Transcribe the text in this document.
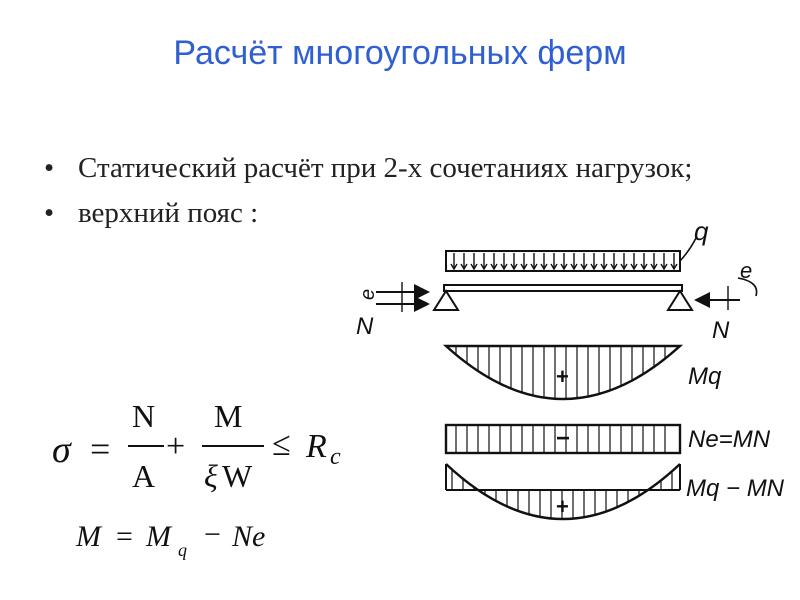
Расчёт многоугольных ферм
• Статический расчёт при 2-х сочетаниях нагрузок;
• верхний пояс :
σ =
N
A
+
M
ξ W
≤ R c
M = M q − Ne
q
e
N
e
N
+	Mq
−	Ne=MN
+
Mq − MN
